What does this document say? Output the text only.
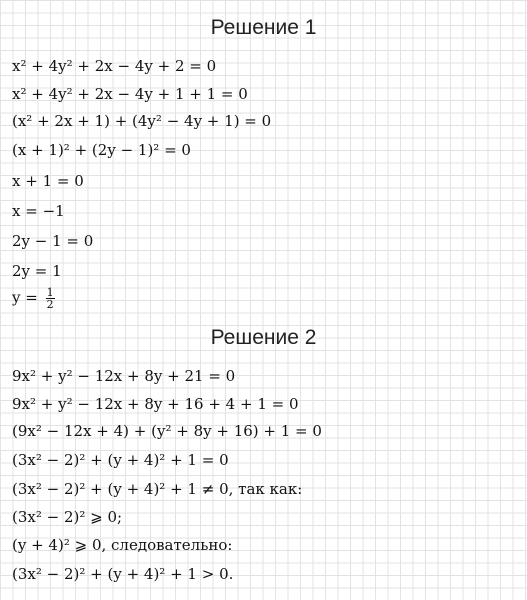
Решение 1
x² + 4y² + 2x − 4y + 2 = 0
x² + 4y² + 2x − 4y + 1 + 1 = 0
(x² + 2x + 1) + (4y² − 4y + 1) = 0
(x + 1)² + (2y − 1)² = 0
x + 1 = 0
x = −1
2y − 1 = 0
2y = 1
$y = \frac{1}{2}$
Решение 2
9x² + y² − 12x + 8y + 21 = 0
9x² + y² − 12x + 8y + 16 + 4 + 1 = 0
(9x² − 12x + 4) + (y² + 8y + 16) + 1 = 0
(3x² − 2)² + (y + 4)² + 1 = 0
(3x² − 2)² + (y + 4)² + 1 ≠ 0, так как:
(3x² − 2)² ⩾ 0;
(y + 4)² ⩾ 0, следовательно:
(3x² − 2)² + (y + 4)² + 1 > 0.
